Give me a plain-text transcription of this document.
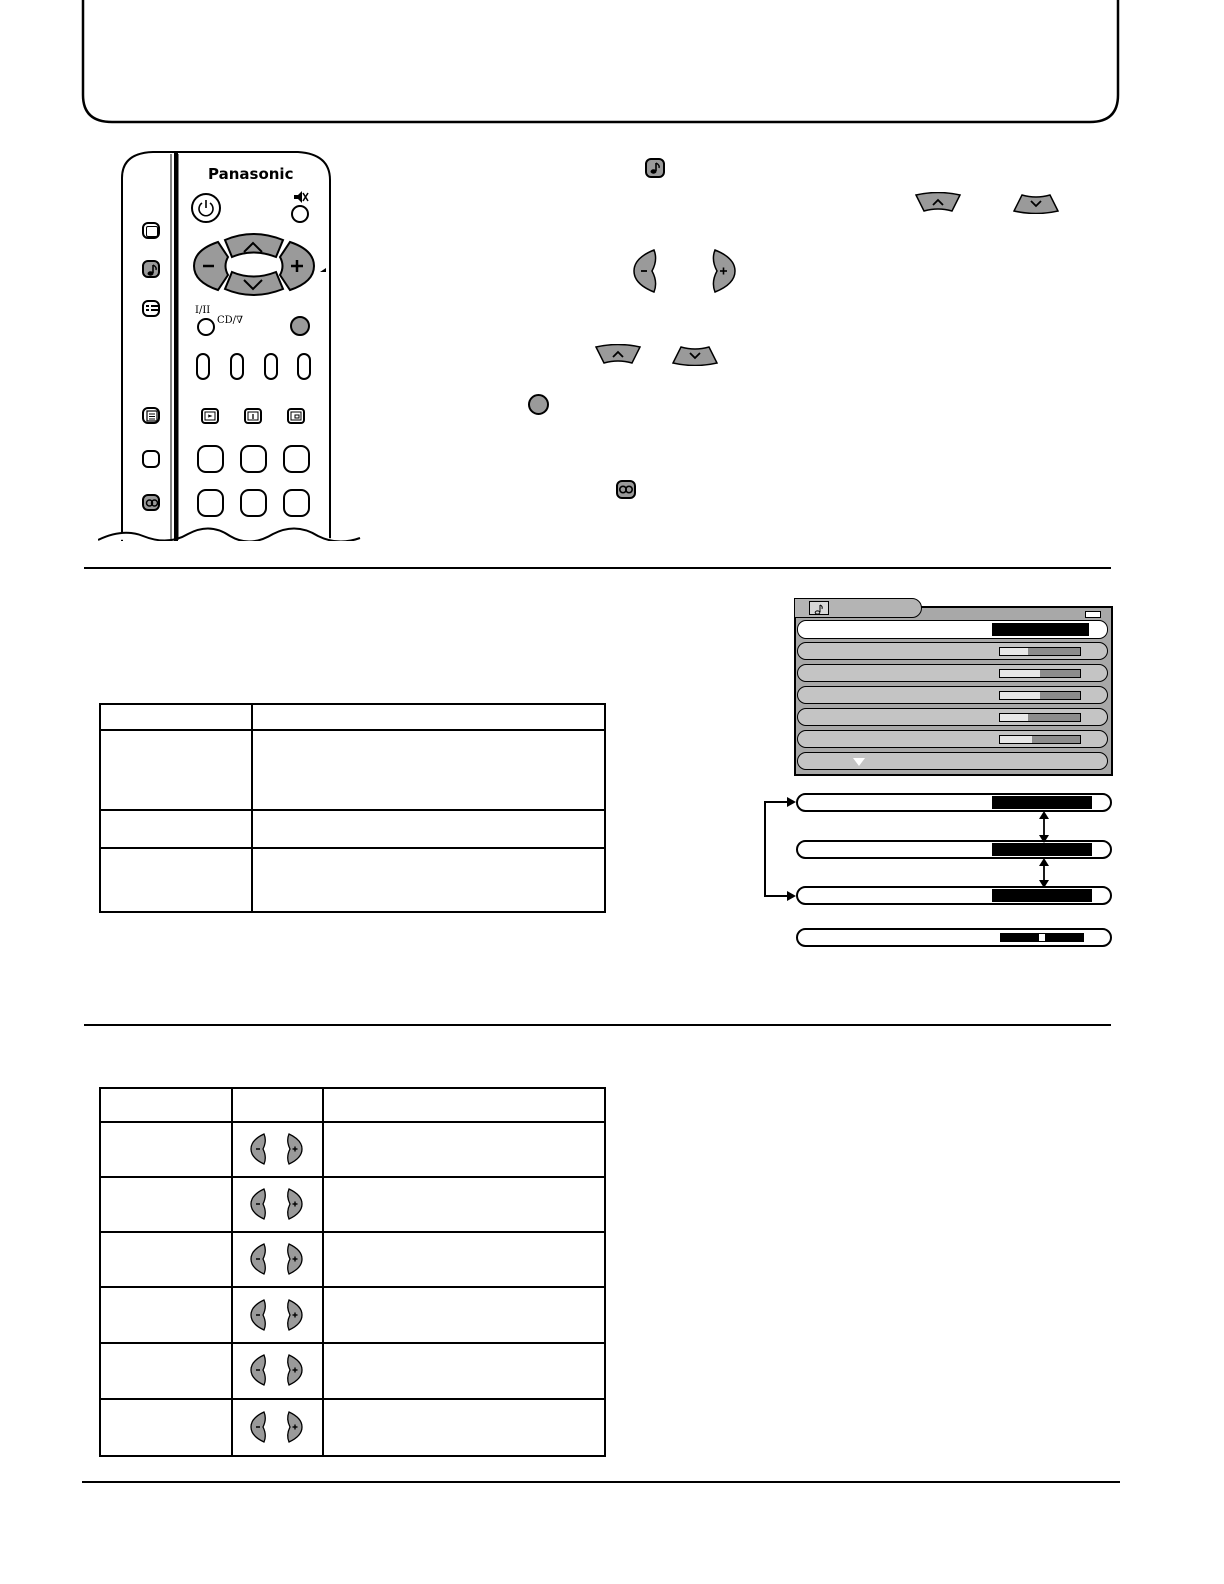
Panasonic
I/II
CD/∇
